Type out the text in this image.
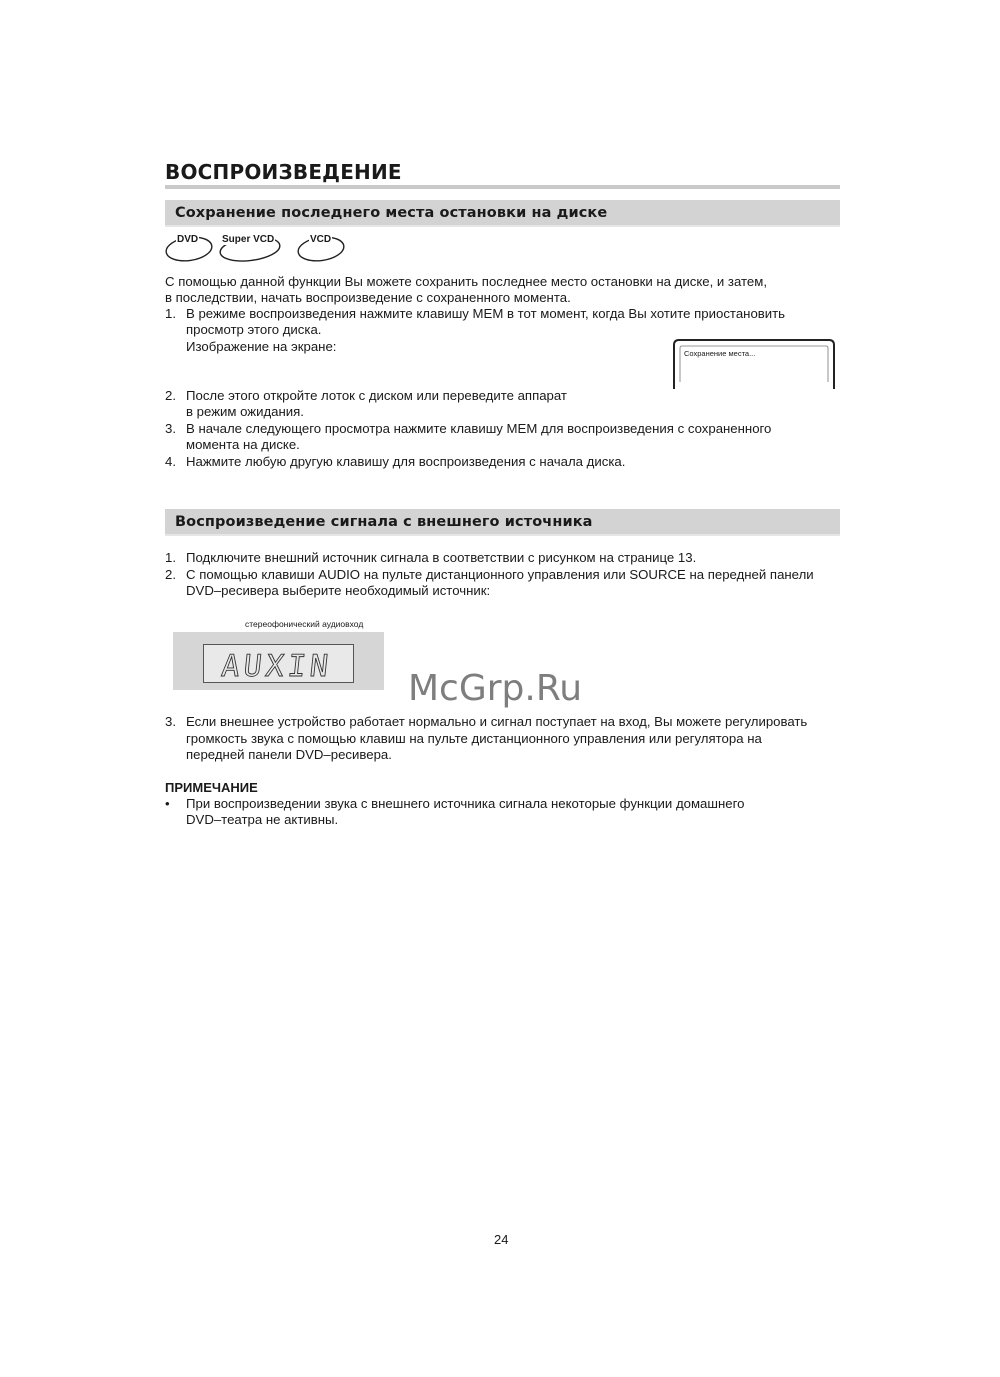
ВОСПРОИЗВЕДЕНИЕ
Сохранение последнего места остановки на диске
DVD Super VCD	VCD
С помощью данной функции Вы можете сохранить последнее место остановки на диске, и затем,
в последствии, начать воспроизведение с сохраненного момента.
1. В режиме воспроизведения нажмите клавишу MEM в тот момент, когда Вы хотите приостановить
просмотр этого диска.
Изображение на экране:
2. После этого откройте лоток с диском или переведите аппарат
в режим ожидания.
3. В начале следующего просмотра нажмите клавишу MEM для воспроизведения с сохраненного
момента на диске.
4. Нажмите любую другую клавишу для воспроизведения с начала диска.
Сохранение места...
Воспроизведение сигнала с внешнего источника
1. Подключите внешний источник сигнала в соответствии с рисунком на странице 13.
2. С помощью клавиши AUDIO на пульте дистанционного управления или SOURCE на передней панели
DVD–ресивера выберите необходимый источник:
3. Если внешнее устройство работает нормально и сигнал поступает на вход, Вы можете регулировать
громкость звука с помощью клавиш на пульте дистанционного управления или регулятора на
передней панели DVD–ресивера.
стереофонический аудиовход
AUXIN
McGrp.Ru
ПРИМЕЧАНИЕ
• При воспроизведении звука с внешнего источника сигнала некоторые функции домашнего
DVD–театра не активны.
24
